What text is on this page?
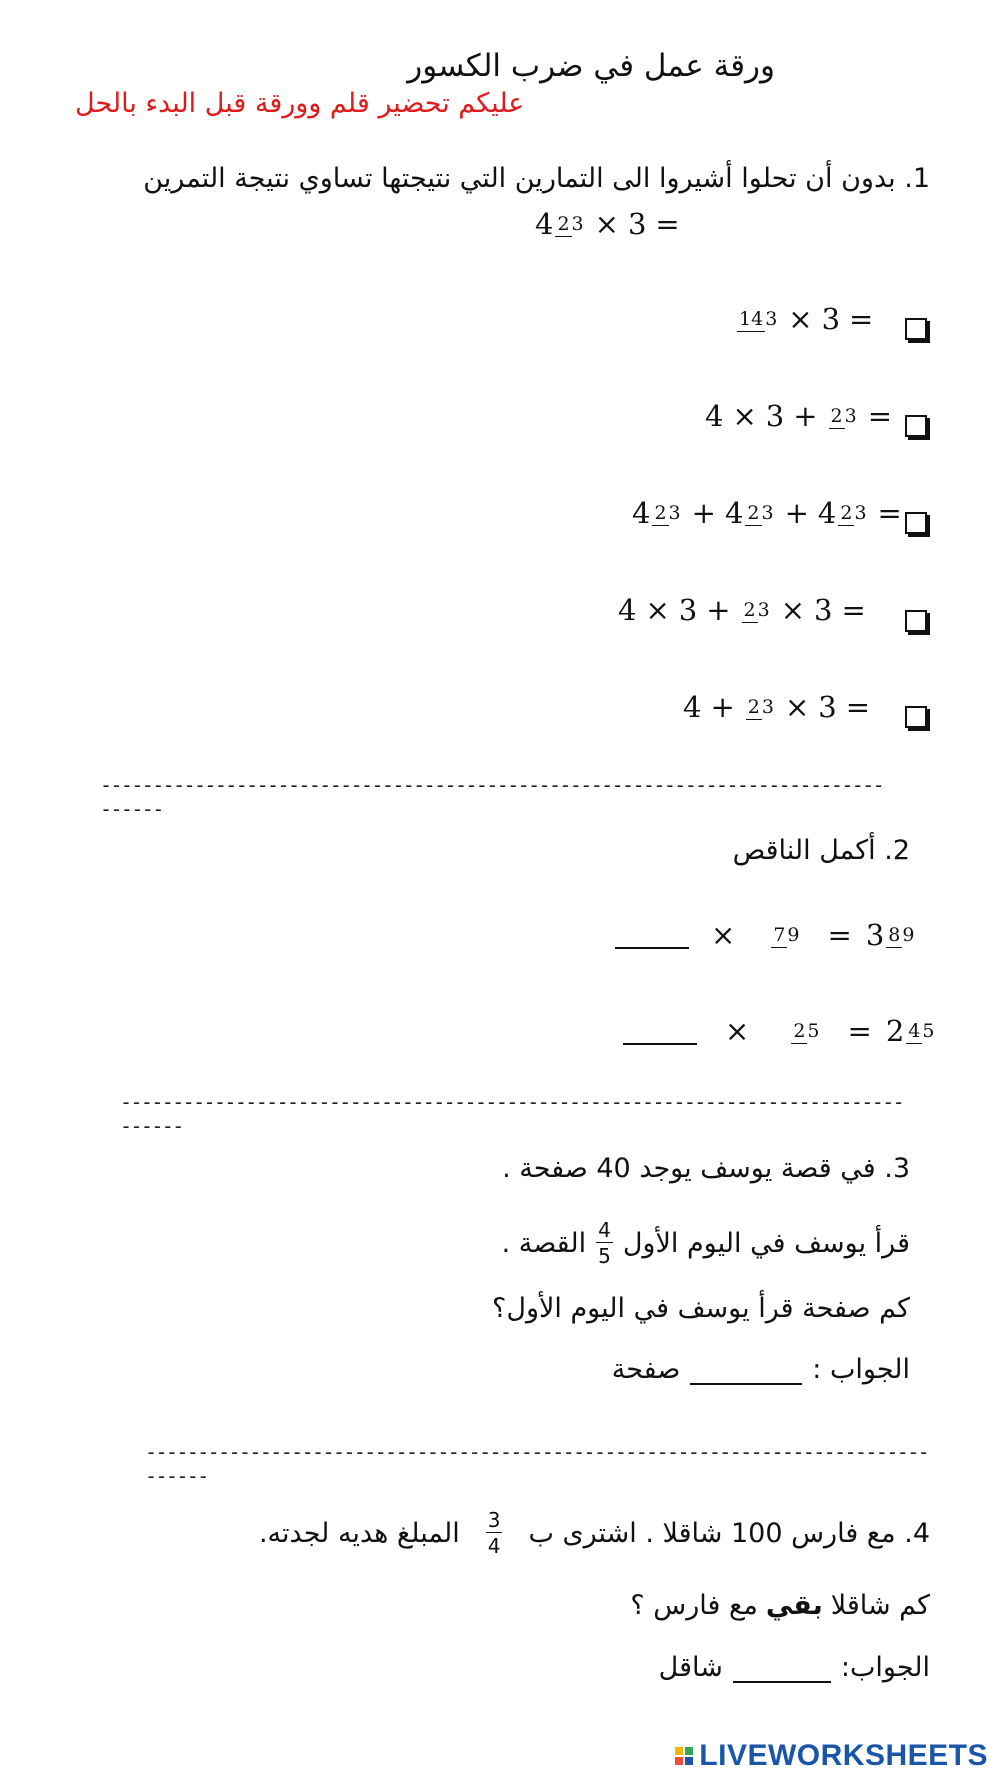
ورقة عمل في ضرب الكسور
عليكم تحضير قلم وورقة قبل البدء بالحل
1. بدون أن تحلوا أشيروا الى التمارين التي نتيجتها تساوي نتيجة التمرين
4 2 3 × 3 =
14 3 × 3 =
4 × 3 + 2 3 =
4 2 3 + 4 2 3 + 4 2 3 =
4 × 3 + 2 3 × 3 =
4 + 2 3 × 3 =
---------------------------------------------------------------------------------
2. أكمل الناقص
× 7 9 = 3 8 9
× 2 5 = 2 4 5
---------------------------------------------------------------------------------
3. في قصة يوسف يوجد 40 صفحة .
قرأ يوسف في اليوم الأول
$\frac{4}{5}$
القصة .
كم صفحة قرأ يوسف في اليوم الأول؟
الجواب :
صفحة
---------------------------------------------------------------------------------
4. مع فارس 100 شاقلا . اشترى ب
$\frac{3}{4}$
المبلغ هديه لجدته.
كم شاقلا
بقي
مع فارس ؟
الجواب:
شاقل
LIVEWORKSHEETS
